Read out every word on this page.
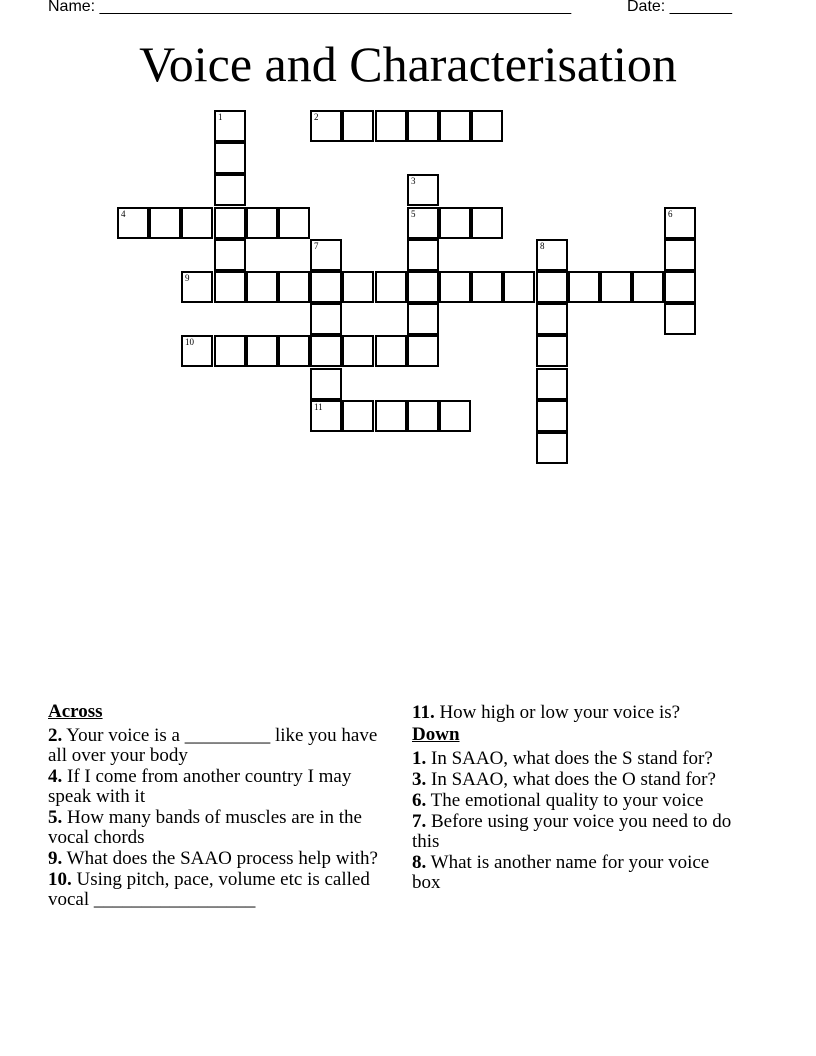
Name: _____________________________________________________	Date: _______
Voice and Characterisation
1	2
3
5
4	6
7
11
8
9
10
Across
2. Your voice is a _________ like you have all over your body
4. If I come from another country I may speak with it
5. How many bands of muscles are in the vocal chords
9. What does the SAAO process help with?
10. Using pitch, pace, volume etc is called vocal _________________
11. How high or low your voice is?
Down
1. In SAAO, what does the S stand for?
3. In SAAO, what does the O stand for?
6. The emotional quality to your voice
7. Before using your voice you need to do this
8. What is another name for your voice box
